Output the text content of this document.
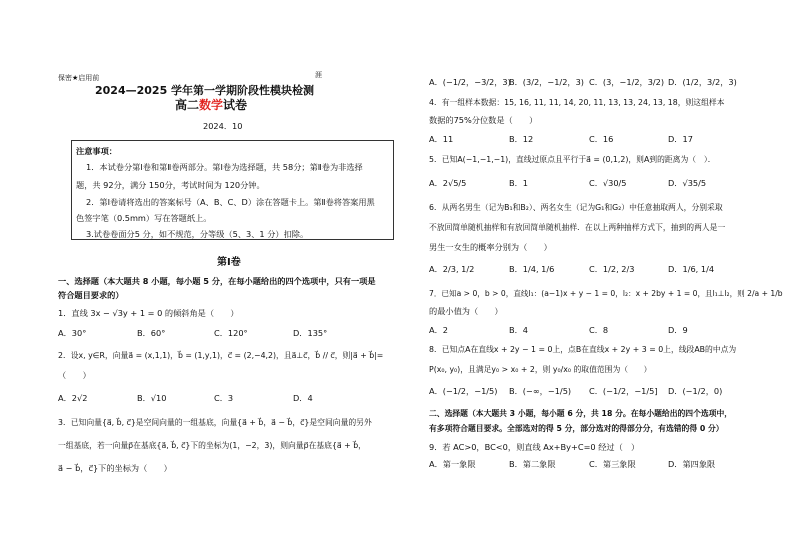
保密★启用前	涯
2024—2025 学年第一学期阶段性模块检测
高二数学试卷
2024．10
注意事项：
1．本试卷分第Ⅰ卷和第Ⅱ卷两部分。第Ⅰ卷为选择题，共 58分；第Ⅱ卷为非选择
题，共 92分，满分 150分，考试时间为 120分钟。
2．第Ⅰ卷请将选出的答案标号（A、B、C、D）涂在答题卡上。第Ⅱ卷将答案用黑
色签字笔（0.5mm）写在答题纸上。
3.试卷卷面分5 分，如不规范，分等级（5、3、1 分）扣除。
第Ⅰ卷
一、选择题（本大题共 8 小题，每小题 5 分，在每小题给出的四个选项中，只有一项是
符合题目要求的）
1．直线 3x − √3y + 1 = 0 的倾斜角是（　　）
A．30°	B．60°	C．120°	D．135°
2．设x, y∈R，向量a⃗ = (x,1,1)，b⃗ = (1,y,1)，c⃗ = (2,−4,2)，且a⃗⊥c⃗，b⃗ // c⃗，则|a⃗ + b⃗|=
（　　）
A．2√2	B．√10	C．3	D．4
3．已知向量{a⃗, b⃗, c⃗}是空间向量的一组基底，向量{a⃗ + b⃗，a⃗ − b⃗，c⃗}是空间向量的另外
一组基底，若一向量p⃗在基底{a⃗, b⃗, c⃗}下的坐标为(1，−2，3)，则向量p⃗在基底{a⃗ + b⃗，
a⃗ − b⃗，c⃗}下的坐标为（　　）
A．(−1/2，−3/2，3)
B．(3/2，−1/2，3) C．(3，−1/2，3/2) D．(1/2，3/2，3)
4．有一组样本数据：15, 16, 11, 11, 14, 20, 11, 13, 13, 24, 13, 18，则这组样本
数据的75%分位数是（　　）
A．11	B．12	C．16	D．17
5．已知A(−1,−1,−1)，直线过原点且平行于a⃗ = (0,1,2)，则A到的距离为（　）．
A．2√5/5	B．1	C．√30/5	D．√35/5
6．从两名男生（记为B₁和B₂）、两名女生（记为G₁和G₂）中任意抽取两人，分别采取
不放回简单随机抽样和有放回简单随机抽样．在以上两种抽样方式下，抽到的两人是一
男生一女生的概率分别为（　　）
A．2/3, 1/2	B．1/4, 1/6	C．1/2, 2/3	D．1/6, 1/4
7．已知a > 0，b > 0，直线l₁：(a−1)x + y − 1 = 0，l₂：x + 2by + 1 = 0，且l₁⊥l₂，则 2/a + 1/b
的最小值为（　　）
A．2	B．4	C．8	D．9
8．已知点A在直线x + 2y − 1 = 0上，点B在直线x + 2y + 3 = 0上，线段AB的中点为
P(x₀, y₀)，且满足y₀ > x₀ + 2，则 y₀/x₀ 的取值范围为（　　）
A．(−1/2，−1/5) B．(−∞，−1/5) C．(−1/2，−1/5] D．(−1/2，0)
二、选择题（本大题共 3 小题，每小题 6 分，共 18 分。在每小题给出的四个选项中，
有多项符合题目要求。全部选对的得 5 分，部分选对的得部分分，有选错的得 0 分）
9．若 AC>0，BC<0，则直线 Ax+By+C=0 经过（　）
A．第一象限	B．第二象限	C．第三象限	D．第四象限
